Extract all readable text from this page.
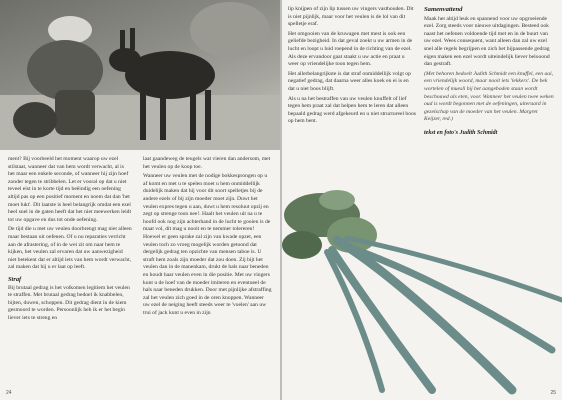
ment? Bij voorbeeld het moment waarop uw ezel stilstaat, wanneer dat van hem wordt verwacht, al is het maar een enkele seconde, of wanneer hij zijn hoef zonder tegen te stribbelen. Let er vooral op dat u niet teveel eist in te korte tijd en beëindig een oefening altijd pas op een positief moment en noem dat dan 'het moet lukt'. Dit laatste is heel belangrijk omdat een ezel heel snel in de gaten heeft dat het niet meewerken leidt tot uw opgave en dus tot onde oefening.

De tijd die u met uw veulen doorbrengt mag niet alleen maar bestaan uit oefenen. Of u nu reparaties verricht aan de afrastering, of in de wei zit om naar hem te kijken, het veulen zal ervaren dat uw aanwezigheid niet betekent dat er altijd iets van hem wordt verwacht, zal maken dat hij u er laat op leeft.

Straf

Bij brutaal gedrag is het volkomen legitiem het veulen te straffen. Met brutaal gedrag bedoel ik knabbelen, bijten, duwen, schoppen. Dit gedrag dient in de kiem gesmoord te worden. Persoonlijk heb ik er het begin liever iets te streng en

laat gaandeweg de teugels wat vieren dan andersom, met het veulen op de koop toe.

Wanneer uw veulen met de nodige bokkesprongen op u af komt en met u te spelen moet u hem onmiddellijk duidelijk maken dat hij voor dit soort spelletjes bij de andere ezels of bij zijn moeder moet zijn. Duwt het veulen expres tegen u aan, duwt u hem resoluut opzij en zegt op strenge toon nee!. Haalt het veulen uit na u te hoofd ook nog zijn achterhand in de lucht te gooien is de maat vol, dit mag u nooit en te nemmer tolereren! Hoewel er geen sprake zal zijn van kwade opzet, een veulen toch zo vroeg mogelijk worden getoond dat dergelijk gedrag ten opzichte van mensen taboe is. U straft hem zoals zijn moeder dat zou doen. Zij bijt het veulen dan in de manenkam, drukt de hals naar beneden en houdt haar veulen even in die positie. Met uw vingers kunt u de hoef van de moeder imiteren en eventueel de hals naar beneden drukken. Door met pijnlijke afstraffing zal het veulen zich goed in de oren knoppen. Wanneer uw ezel de neiging heeft steeds weer te 'voelen' aan uw trui of jack kunt u even in zijn

24

lip knijpen of zijn lip tussen uw vingers vasthouden. Dit is niet pijnlijk, maar voor het veulen is de lol van dit spelletje eraf.

Het omgooien van de kruwagen met mest is ook een geliefde bezigheid. In dat geval zoekt u uw armen in de lucht en loopt u luid roepend in de richting van de ezel. Als deze ervandoor gaat staakt u uw actie en praat u weer op vriendelijke toon tegen hem.

Het allerbelangrijkste is dat straf onmiddellijk volgt op negatief gedrag, dat daarna weer alles koek en ei is en dat u niet boos blijft.

Als u na het bestraffen van uw veulen knuffelt of lief tegen hem praat zal dat helpen hem te leren dat alleen bepaald gedrag werd afgekeurd en u niet structureel boos op hem bent.

Samenvattend

Maak het altijd leuk en spannend voor uw opgroeiende ezel. Zorg steeds voor nieuwe uitdagingen. Besteed ook naast het oefenen voldoende tijd met en in de buurt van uw ezel. Wees consequent, want alleen dan zal uw ezel snel alle regels begrijpen en zich het bijpassende gedrag eigen maken een ezel wordt uiteindelijk liever belooond dan gestraft.

(Met behoren bedoelt Judith Schmidt een knuffel, een aai, een vriendelijk woord, maar nooit iets 'lekkers'. De bek wortelen of muesli bij het aangeboden staan wordt beschouwd als eten, voor. Wanneer het veulen twee weken oud is wordt begonnen met de oefeningen, uiteraard in gezelschap van de moeder van het veulen. Margret Keijzer, red.)

tekst en foto's Judith Schmidt
25
